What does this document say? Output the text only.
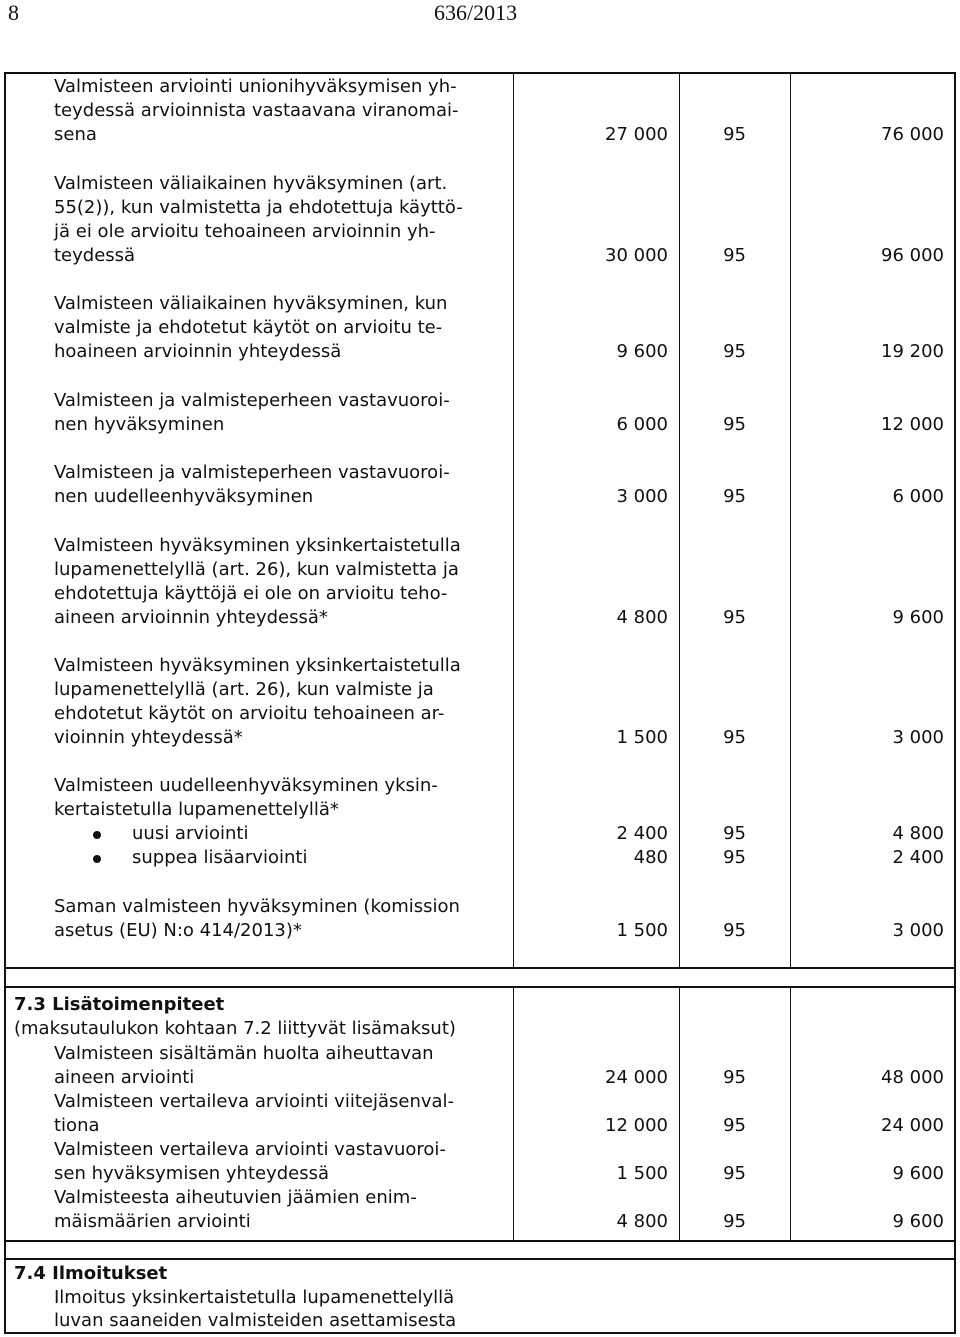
8	636/2013
Valmisteen arviointi unionihyväksymisen yh-
teydessä arvioinnista vastaavana viranomai-
sena	27 000	95	76 000
Valmisteen väliaikainen hyväksyminen (art.
55(2)), kun valmistetta ja ehdotettuja käyttö-
jä ei ole arvioitu tehoaineen arvioinnin yh-
teydessä	30 000	95	96 000
Valmisteen väliaikainen hyväksyminen, kun
valmiste ja ehdotetut käytöt on arvioitu te-
hoaineen arvioinnin yhteydessä	9 600	95	19 200
Valmisteen ja valmisteperheen vastavuoroi-
nen hyväksyminen	6 000	95	12 000
Valmisteen ja valmisteperheen vastavuoroi-
nen uudelleenhyväksyminen	3 000	95	6 000
Valmisteen hyväksyminen yksinkertaistetulla
lupamenettelyllä (art. 26), kun valmistetta ja
ehdotettuja käyttöjä ei ole on arvioitu teho-
aineen arvioinnin yhteydessä*	4 800	95	9 600
Valmisteen hyväksyminen yksinkertaistetulla
lupamenettelyllä (art. 26), kun valmiste ja
ehdotetut käytöt on arvioitu tehoaineen ar-
vioinnin yhteydessä*	1 500	95	3 000
Valmisteen uudelleenhyväksyminen yksin-
kertaistetulla lupamenettelyllä*
uusi arviointi	2 400	95	4 800
suppea lisäarviointi	480	95	2 400
Saman valmisteen hyväksyminen (komission
asetus (EU) N:o 414/2013)*	1 500	95	3 000
7.3 Lisätoimenpiteet
(maksutaulukon kohtaan 7.2 liittyvät lisämaksut)
Valmisteen sisältämän huolta aiheuttavan
aineen arviointi	24 000	95	48 000
Valmisteen vertaileva arviointi viitejäsenval-
tiona	12 000	95	24 000
Valmisteen vertaileva arviointi vastavuoroi-
sen hyväksymisen yhteydessä	1 500	95	9 600
Valmisteesta aiheutuvien jäämien enim-
mäismäärien arviointi	4 800	95	9 600
7.4 Ilmoitukset
Ilmoitus yksinkertaistetulla lupamenettelyllä
luvan saaneiden valmisteiden asettamisesta
